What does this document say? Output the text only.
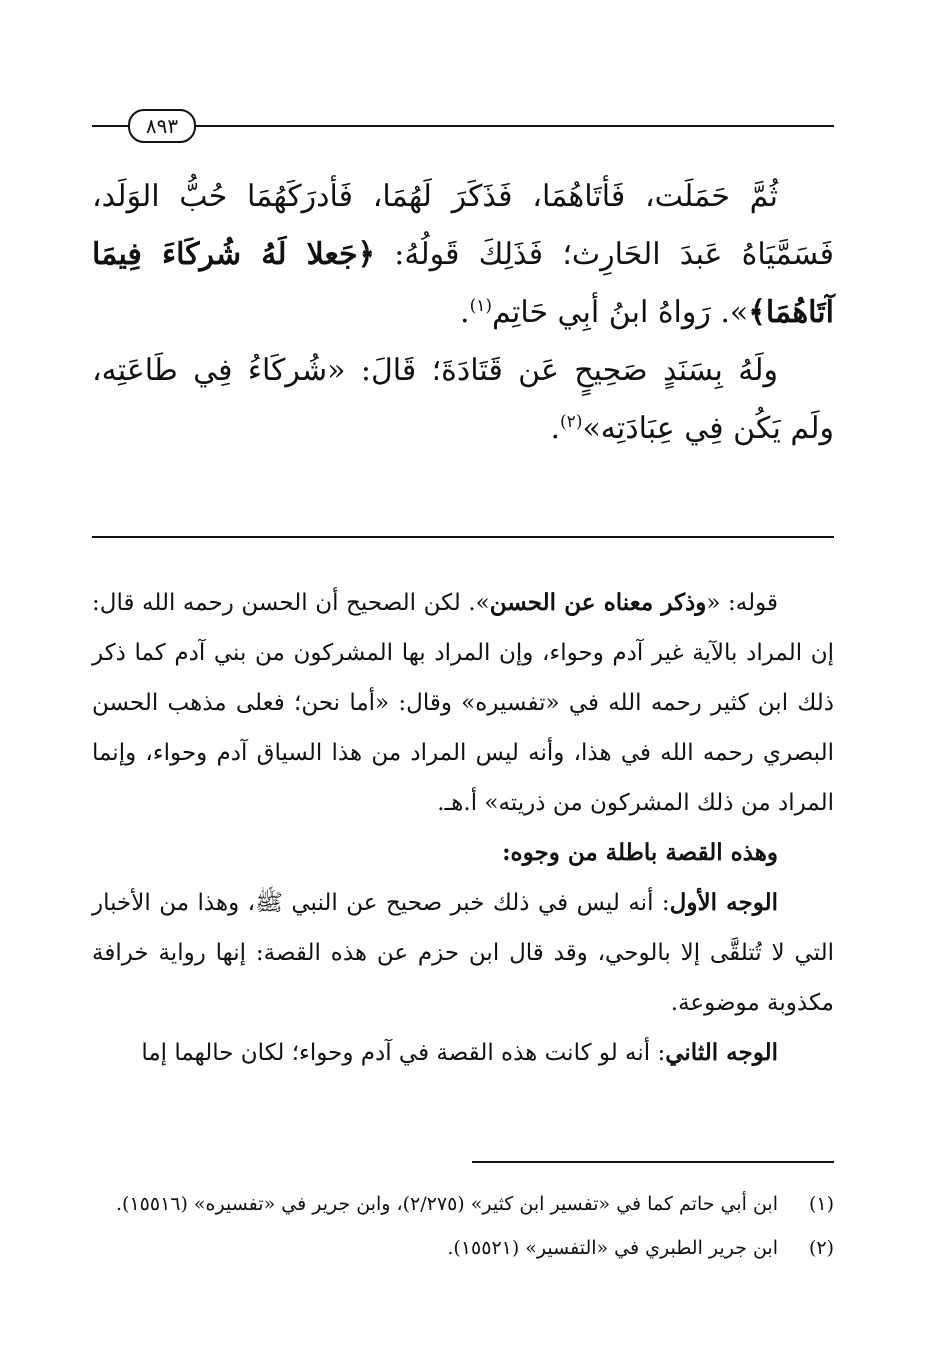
٨٩٣

ثُمَّ حَمَلَت، فَأتَاهُمَا، فَذَكَرَ لَهُمَا، فَأدرَكَهُمَا حُبُّ الوَلَد، فَسَمَّيَاهُ عَبدَ الحَارِث؛ فَذَلِكَ قَولُهُ: ﴿جَعلا لَهُ شُركَاءَ فِيمَا آتَاهُمَا﴾». رَواهُ ابنُ أبِي حَاتِم$^{(١)}$.

ولَهُ بِسَنَدٍ صَحِيحٍ عَن قَتَادَةَ؛ قَالَ: «شُركَاءُ فِي طَاعَتِه، ولَم يَكُن فِي عِبَادَتِه»$^{(٢)}$.

قوله: «وذكر معناه عن الحسن». لكن الصحيح أن الحسن رحمه الله قال: إن المراد بالآية غير آدم وحواء، وإن المراد بها المشركون من بني آدم كما ذكر ذلك ابن كثير رحمه الله في «تفسيره» وقال: «أما نحن؛ فعلى مذهب الحسن البصري رحمه الله في هذا، وأنه ليس المراد من هذا السياق آدم وحواء، وإنما المراد من ذلك المشركون من ذريته» أ.هـ.

وهذه القصة باطلة من وجوه:

الوجه الأول: أنه ليس في ذلك خبر صحيح عن النبي ﷺ، وهذا من الأخبار التي لا تُتلقَّى إلا بالوحي، وقد قال ابن حزم عن هذه القصة: إنها رواية خرافة مكذوبة موضوعة.

الوجه الثاني: أنه لو كانت هذه القصة في آدم وحواء؛ لكان حالهما إما

(١)
ابن أبي حاتم كما في «تفسير ابن كثير» (٢/٢٧٥)، وابن جرير في «تفسيره» (١٥٥١٦).
(٢)
ابن جرير الطبري في «التفسير» (١٥٥٢١).
